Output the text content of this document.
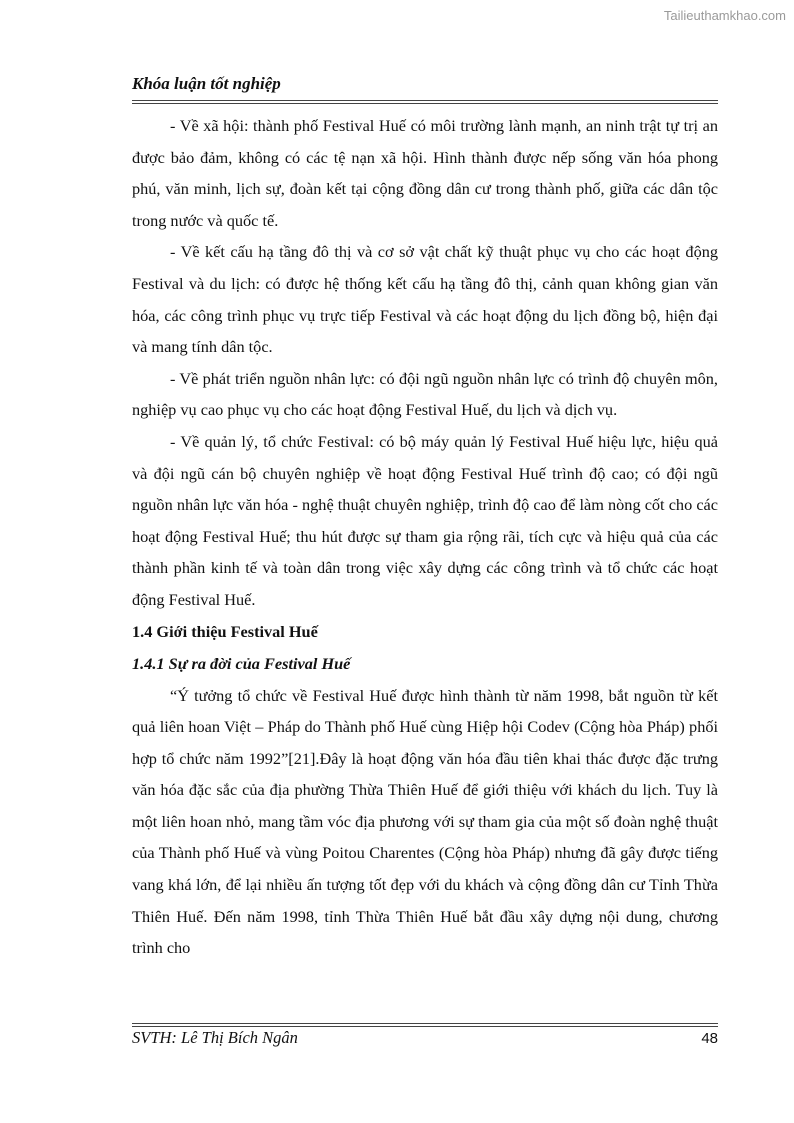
Tailieuthamkhao.com
Khóa luận tốt nghiệp

- Về xã hội: thành phố Festival Huế có môi trường lành mạnh, an ninh trật tự trị an được bảo đảm, không có các tệ nạn xã hội. Hình thành được nếp sống văn hóa phong phú, văn minh, lịch sự, đoàn kết tại cộng đồng dân cư trong thành phố, giữa các dân tộc trong nước và quốc tế.

- Về kết cấu hạ tầng đô thị và cơ sở vật chất kỹ thuật phục vụ cho các hoạt động Festival và du lịch: có được hệ thống kết cấu hạ tầng đô thị, cảnh quan không gian văn hóa, các công trình phục vụ trực tiếp Festival và các hoạt động du lịch đồng bộ, hiện đại và mang tính dân tộc.

- Về phát triển nguồn nhân lực: có đội ngũ nguồn nhân lực có trình độ chuyên môn, nghiệp vụ cao phục vụ cho các hoạt động Festival Huế, du lịch và dịch vụ.

- Về quản lý, tổ chức Festival: có bộ máy quản lý Festival Huế hiệu lực, hiệu quả và đội ngũ cán bộ chuyên nghiệp về hoạt động Festival Huế trình độ cao; có đội ngũ nguồn nhân lực văn hóa - nghệ thuật chuyên nghiệp, trình độ cao để làm nòng cốt cho các hoạt động Festival Huế; thu hút được sự tham gia rộng rãi, tích cực và hiệu quả của các thành phần kinh tế và toàn dân trong việc xây dựng các công trình và tổ chức các hoạt động Festival Huế.

1.4 Giới thiệu Festival Huế
1.4.1 Sự ra đời của Festival Huế

“Ý tưởng tổ chức về Festival Huế được hình thành từ năm 1998, bắt nguồn từ kết quả liên hoan Việt – Pháp do Thành phố Huế cùng Hiệp hội Codev (Cộng hòa Pháp) phối hợp tổ chức năm 1992”[21].Đây là hoạt động văn hóa đầu tiên khai thác được đặc trưng văn hóa đặc sắc của địa phường Thừa Thiên Huế để giới thiệu với khách du lịch. Tuy là một liên hoan nhỏ, mang tầm vóc địa phương với sự tham gia của một số đoàn nghệ thuật của Thành phố Huế và vùng Poitou Charentes (Cộng hòa Pháp) nhưng đã gây được tiếng vang khá lớn, để lại nhiều ấn tượng tốt đẹp với du khách và cộng đồng dân cư Tỉnh Thừa Thiên Huế. Đến năm 1998, tỉnh Thừa Thiên Huế bắt đầu xây dựng nội dung, chương trình cho

SVTH: Lê Thị Bích Ngân	48
